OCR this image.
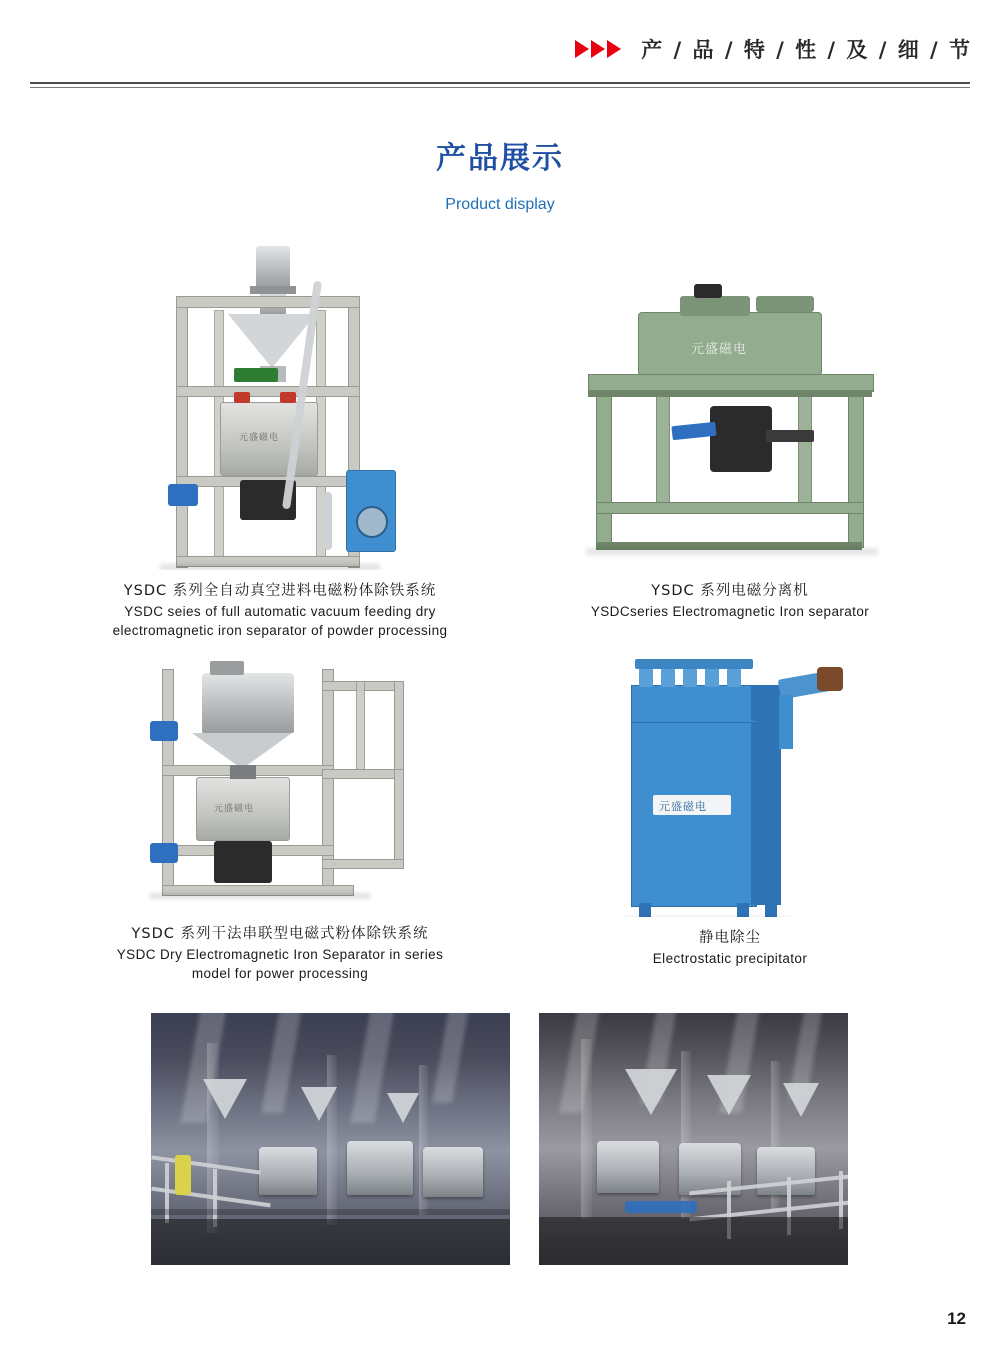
产 / 品 / 特 / 性 / 及 / 细 / 节
产品展示
Product display
元盛磁电
YSDC 系列全自动真空进料电磁粉体除铁系统
YSDC seies of full automatic vacuum feeding dry electromagnetic iron separator of powder processing
元盛磁电
YSDC 系列电磁分离机
YSDCseries Electromagnetic Iron separator
元盛磁电
YSDC 系列干法串联型电磁式粉体除铁系统
YSDC Dry Electromagnetic Iron Separator in series model for power processing
元盛磁电
静电除尘
Electrostatic precipitator
12
